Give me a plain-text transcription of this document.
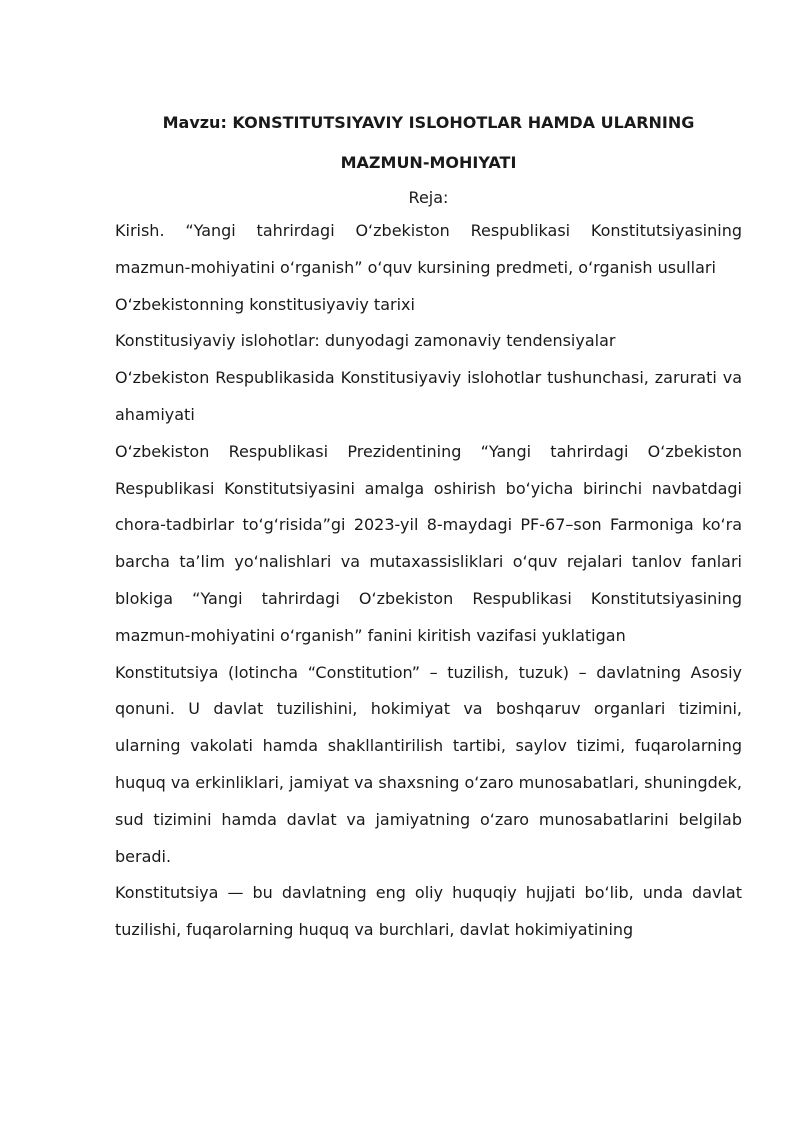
Mavzu: KONSTITUTSIYAVIY ISLOHOTLAR HAMDA ULARNING MAZMUN-MOHIYATI

Reja:

Kirish. “Yangi tahrirdagi O‘zbekiston Respublikasi Konstitutsiyasining mazmun-mohiyatini o‘rganish” o‘quv kursining predmeti, o‘rganish usullari

O‘zbekistonning konstitusiyaviy tarixi

Konstitusiyaviy islohotlar: dunyodagi zamonaviy tendensiyalar

O‘zbekiston Respublikasida Konstitusiyaviy islohotlar tushunchasi, zarurati va ahamiyati

O‘zbekiston Respublikasi Prezidentining “Yangi tahrirdagi O‘zbekiston Respublikasi Konstitutsiyasini amalga oshirish bo‘yicha birinchi navbatdagi chora-tadbirlar to‘g‘risida”gi 2023-yil 8-maydagi PF-67–son Farmoniga ko‘ra barcha ta’lim yo‘nalishlari va mutaxassisliklari o‘quv rejalari tanlov fanlari blokiga “Yangi tahrirdagi O‘zbekiston Respublikasi Konstitutsiyasining mazmun-mohiyatini o‘rganish” fanini kiritish vazifasi yuklatigan

Konstitutsiya (lotincha “Constitution” – tuzilish, tuzuk) – davlatning Asosiy qonuni. U davlat tuzilishini, hokimiyat va boshqaruv organlari tizimini, ularning vakolati hamda shakllantirilish tartibi, saylov tizimi, fuqarolarning huquq va erkinliklari, jamiyat va shaxsning o‘zaro munosabatlari, shuningdek, sud tizimini hamda davlat va jamiyatning o‘zaro munosabatlarini belgilab beradi.

Konstitutsiya — bu davlatning eng oliy huquqiy hujjati bo‘lib, unda davlat tuzilishi, fuqarolarning huquq va burchlari, davlat hokimiyatining
